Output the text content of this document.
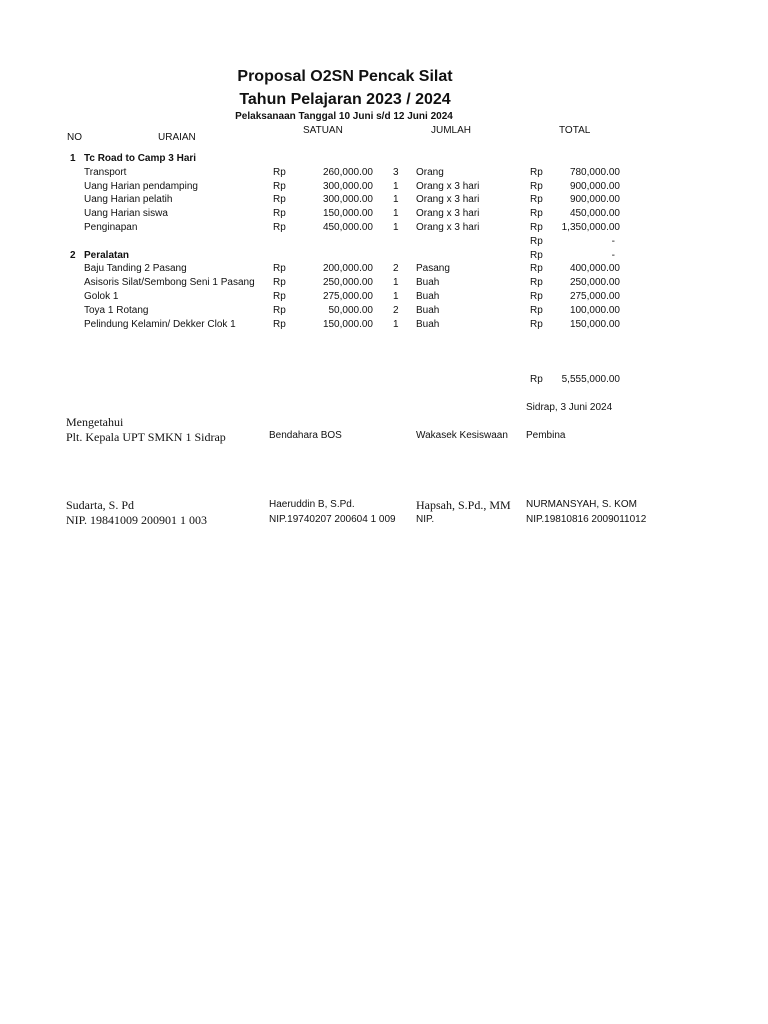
Proposal O2SN Pencak Silat
Tahun Pelajaran 2023 / 2024
Pelaksanaan Tanggal 10 Juni s/d 12 Juni 2024
NO	URAIAN
SATUAN	JUMLAH	TOTAL
1 Tc Road to Camp 3 Hari
Transport	Rp	260,000.00 3 Orang	Rp	780,000.00
Uang Harian pendamping	Rp	300,000.00 1 Orang x 3 hari	Rp	900,000.00
Uang Harian pelatih	Rp	300,000.00 1 Orang x 3 hari	Rp	900,000.00
Uang Harian siswa	Rp	150,000.00 1 Orang x 3 hari	Rp	450,000.00
Penginapan	Rp	450,000.00 1 Orang x 3 hari	Rp	1,350,000.00
Rp	-
2 Peralatan	Rp	-
Baju Tanding 2 Pasang	Rp	200,000.00 2 Pasang	Rp	400,000.00
Asisoris Silat/Sembong Seni 1 Pasang Rp	250,000.00 1 Buah	Rp	250,000.00
Golok 1	Rp	275,000.00 1 Buah	Rp	275,000.00
Toya 1 Rotang	Rp	50,000.00 2 Buah	Rp	100,000.00
Pelindung Kelamin/ Dekker Clok 1	Rp	150,000.00 1 Buah	Rp	150,000.00
Rp	5,555,000.00
Sidrap, 3 Juni 2024
Mengetahui
Plt. Kepala UPT SMKN 1 Sidrap	Bendahara BOS	Wakasek Kesiswaan Pembina
Sudarta, S. Pd	Haeruddin B, S.Pd.	Hapsah, S.Pd., MM NURMANSYAH, S. KOM
NIP. 19841009 200901 1 003	NIP.19740207 200604 1 009 NIP.	NIP.19810816 2009011012
